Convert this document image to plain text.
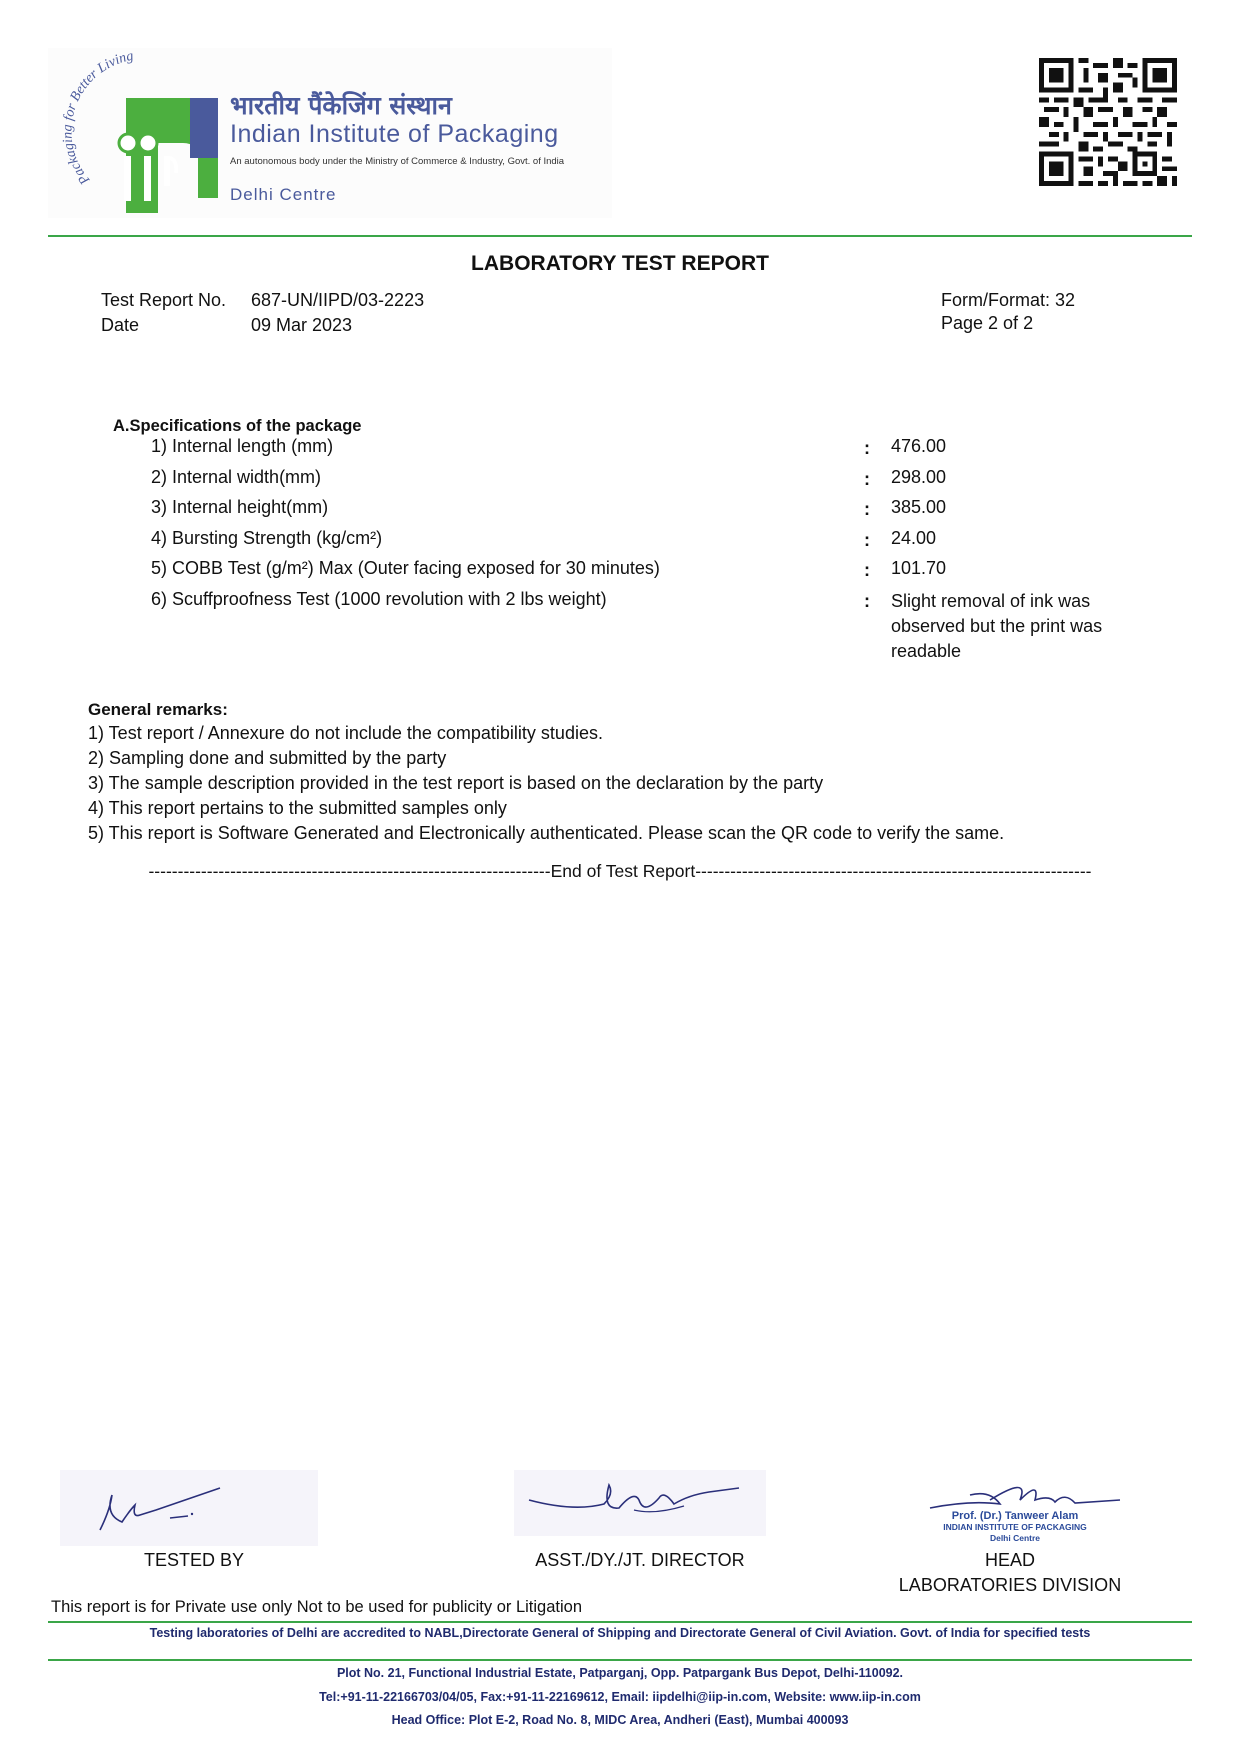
Packaging for Better Living
भारतीय पैंकेजिंग संस्थान
Indian Institute of Packaging
An autonomous body under the Ministry of Commerce & Industry, Govt. of India
Delhi Centre
LABORATORY TEST REPORT
Test Report No. 687-UN/IIPD/03-2223
Date	09 Mar 2023
Form/Format: 32
Page 2 of 2
A.Specifications of the package
1) Internal length (mm)	: 476.00
2) Internal width(mm)	: 298.00
3) Internal height(mm)	: 385.00
4) Bursting Strength (kg/cm²)	: 24.00
5) COBB Test (g/m²) Max (Outer facing exposed for 30 minutes)	: 101.70
6) Scuffproofness Test (1000 revolution with 2 lbs weight)	: Slight removal of ink was observed but the print was readable
General remarks:
1) Test report / Annexure do not include the compatibility studies.
2) Sampling done and submitted by the party
3) The sample description provided in the test report is based on the declaration by the party
4) This report pertains to the submitted samples only
5) This report is Software Generated and Electronically authenticated. Please scan the QR code to verify the same.
---------------------------------------------------------------------End of Test Report--------------------------------------------------------------------
Prof. (Dr.) Tanweer Alam
INDIAN INSTITUTE OF PACKAGING
Delhi Centre
TESTED BY	ASST./DY./JT. DIRECTOR	HEAD
LABORATORIES DIVISION
This report is for Private use only Not to be used for publicity or Litigation
Testing laboratories of Delhi are accredited to NABL,Directorate General of Shipping and Directorate General of Civil Aviation. Govt. of India for specified tests
Plot No. 21, Functional Industrial Estate, Patparganj, Opp. Patpargank Bus Depot, Delhi-110092.
Tel:+91-11-22166703/04/05, Fax:+91-11-22169612, Email: iipdelhi@iip-in.com, Website: www.iip-in.com
Head Office: Plot E-2, Road No. 8, MIDC Area, Andheri (East), Mumbai 400093
